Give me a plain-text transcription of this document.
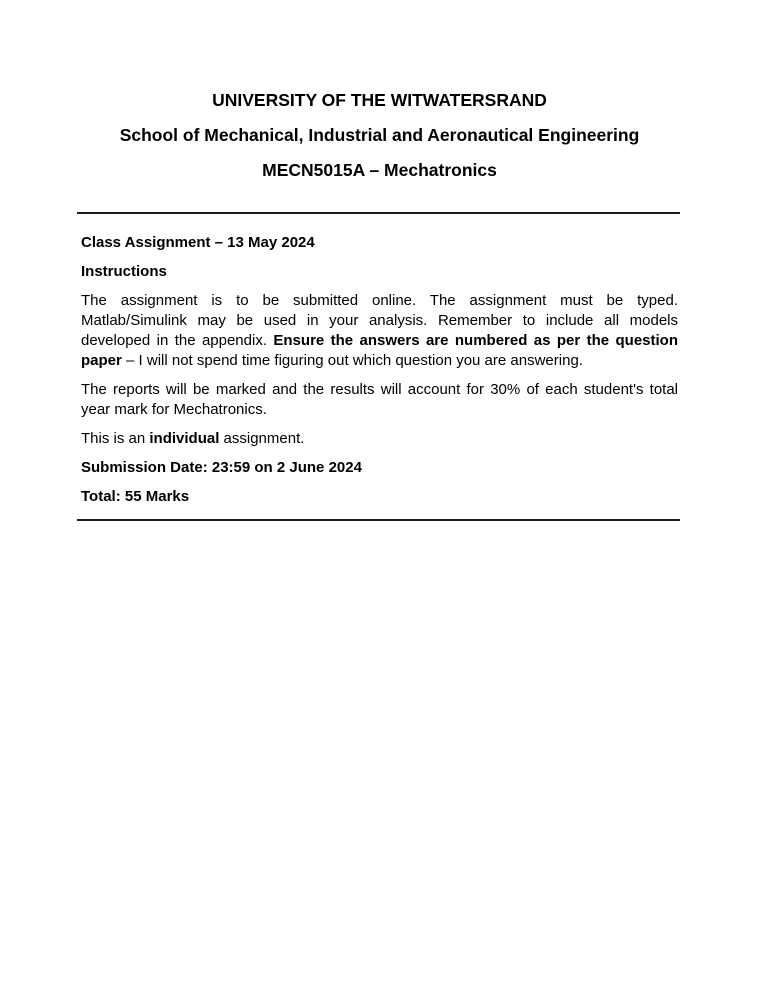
UNIVERSITY OF THE WITWATERSRAND
School of Mechanical, Industrial and Aeronautical Engineering
MECN5015A – Mechatronics

Class Assignment – 13 May 2024

Instructions

The assignment is to be submitted online. The assignment must be typed. Matlab/Simulink may be used in your analysis. Remember to include all models developed in the appendix. Ensure the answers are numbered as per the question paper – I will not spend time figuring out which question you are answering.

The reports will be marked and the results will account for 30% of each student's total year mark for Mechatronics.

This is an individual assignment.

Submission Date: 23:59 on 2 June 2024

Total: 55 Marks
